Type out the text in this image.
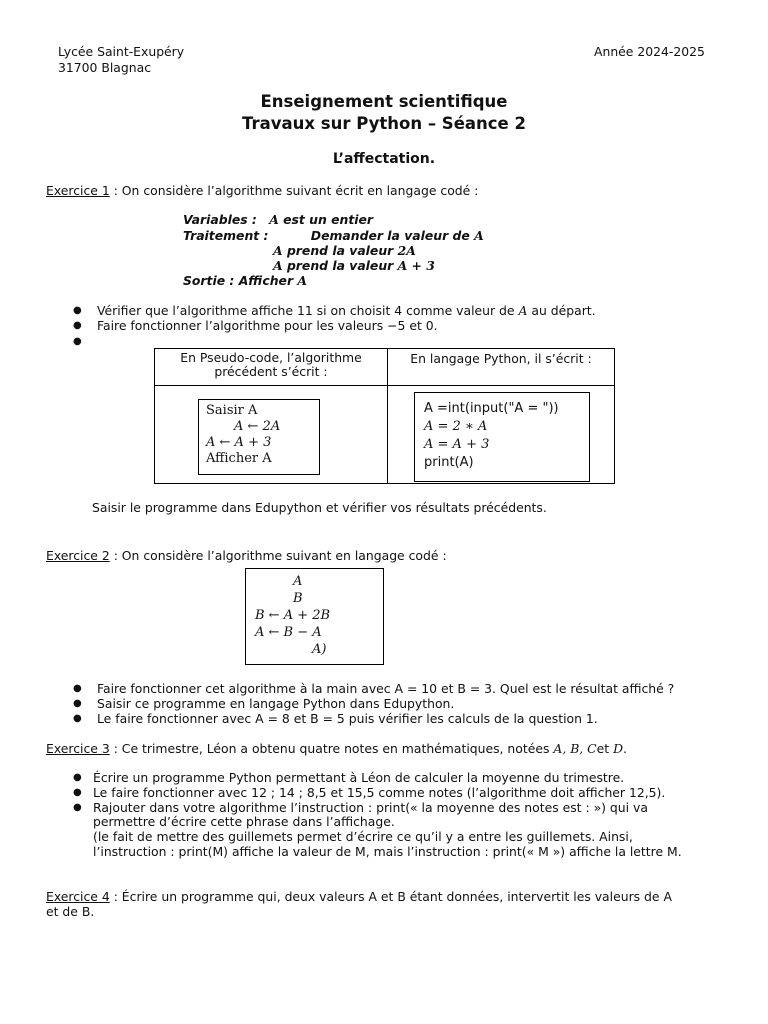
Lycée Saint-Exupéry
31700 Blagnac
Année 2024-2025
Enseignement scientifique
Travaux sur Python – Séance 2
L’affectation.
Exercice 1 : On considère l’algorithme suivant écrit en langage codé :
Variables : A est un entier
Traitement :	Demander la valeur de A
A prend la valeur 2A
A prend la valeur A + 3
Sortie : Afficher A
● Vérifier que l’algorithme affiche 11 si on choisit 4 comme valeur de A au départ.
● Faire fonctionner l’algorithme pour les valeurs −5 et 0.
●
En Pseudo-code, l’algorithme précédent s’écrit :
En langage Python, il s’écrit :
Saisir A
A ← 2A
A ← A + 3
Afficher A
A =int(input("A = "))
A = 2 ∗ A
A = A + 3
print(A)
Saisir le programme dans Edupython et vérifier vos résultats précédents.
Exercice 2 : On considère l’algorithme suivant en langage codé :
A
B
B ← A + 2B
A ← B − A
A)
● Faire fonctionner cet algorithme à la main avec A = 10 et B = 3. Quel est le résultat affiché ?
● Saisir ce programme en langage Python dans Edupython.
● Le faire fonctionner avec A = 8 et B = 5 puis vérifier les calculs de la question 1.
Exercice 3 : Ce trimestre, Léon a obtenu quatre notes en mathématiques, notées A, B, Cet D.
● Écrire un programme Python permettant à Léon de calculer la moyenne du trimestre.
● Le faire fonctionner avec 12 ; 14 ; 8,5 et 15,5 comme notes (l’algorithme doit afficher 12,5).
● Rajouter dans votre algorithme l’instruction : print(« la moyenne des notes est : ») qui va
permettre d’écrire cette phrase dans l’affichage.
(le fait de mettre des guillemets permet d’écrire ce qu’il y a entre les guillemets. Ainsi,
l’instruction : print(M) affiche la valeur de M, mais l’instruction : print(« M ») affiche la lettre M.
Exercice 4 : Écrire un programme qui, deux valeurs A et B étant données, intervertit les valeurs de A
et de B.
